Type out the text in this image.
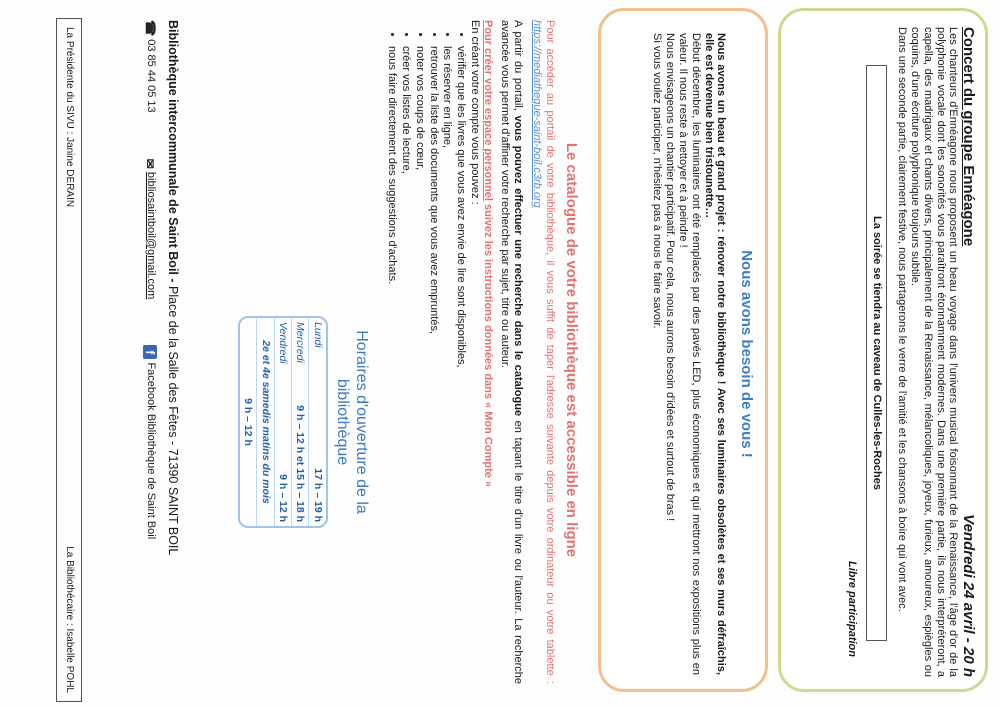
Concert du groupe Ennéagone
Vendredi 24 avril - 20 h

Les chanteurs d'Ennéagone nous proposent un beau voyage dans l'univers musical foisonnant de la Renaissance, l'âge d'or de la polyphonie vocale dont les sonorités vous paraîtront étonnamment modernes. Dans une première partie, ils nous interpréteront, a capella, des madrigaux et chants divers, principalement de la Renaissance, mélancoliques, joyeux, furieux, amoureux, espiègles ou coquins, d'une écriture polyphonique toujours subtile.

Dans une seconde partie, clairement festive, nous partagerons le verre de l'amitié et les chansons à boire qui vont avec.

La soirée se tiendra au caveau de Culles-les-Roches
Libre participation
Nous avons besoin de vous !

Nous avons un beau et grand projet : rénover notre bibliothèque ! Avec ses luminaires obsolètes et ses murs défraîchis, elle est devenue bien tristounette…

Début décembre, les luminaires ont été remplacés par des pavés LED, plus économiques et qui mettront nos expositions plus en valeur. Il nous reste à nettoyer et à peindre !

Nous envisageons un chantier participatif. Pour cela, nous aurons besoin d'idées et surtout de bras !

Si vous voulez participer, n'hésitez pas à nous le faire savoir.

Le catalogue de votre bibliothèque est accessible en ligne

Pour accéder au portail de votre bibliothèque, il vous suffit de taper l'adresse suivante depuis votre ordinateur ou votre tablette : https://mediatheque-saint-boil.c3rb.org

A partir du portail, vous pouvez effectuer une recherche dans le catalogue en tapant le titre d'un livre ou l'auteur. La recherche avancée vous permet d'affiner votre recherche par sujet, titre ou auteur.

Pour créer votre espace personnel suivez les instructions données dans « Mon Compte »

En créant votre compte vous pouvez :

• vérifier que les livres que vous avez envie de lire sont disponibles,
• les réserver en ligne,
• retrouver la liste des documents que vous avez empruntés,
• noter vos coups de cœur,
• créer vos listes de lecture,
• nous faire directement des suggestions d'achats.
Horaires d'ouverture de la bibliothèque
Lundi	17 h – 19 h
Mercredi	9 h – 12 h et 15 h – 18 h
Vendredi	9 h – 12 h
2e et 4e samedis matins du mois	
9 h – 12 h	
Bibliothèque intercommunale de Saint Boil - Place de la Salle des Fêtes - 71390 SAINT BOIL
☎ 03 85 44 05 13  ✉ bibliosaintboil@gmail.com  f Facebook Bibliothèque de Saint Boil
La Présidente du SIVU : Janine DERAIN
La Bibliothécaire : Isabelle POHL
